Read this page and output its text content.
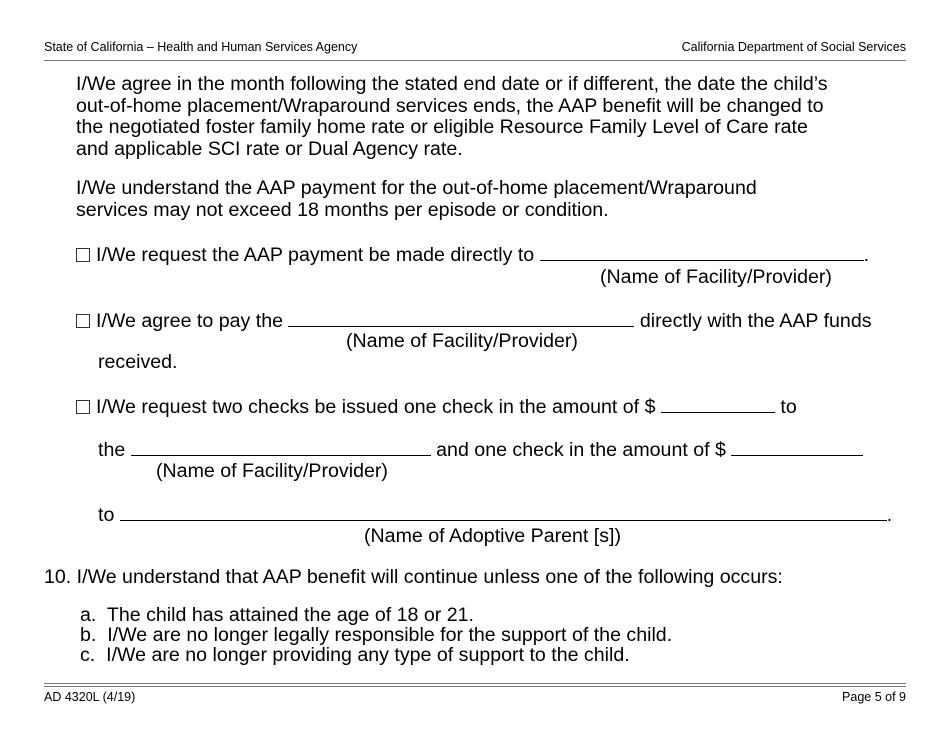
State of California – Health and Human Services Agency	California Department of Social Services
I/We agree in the month following the stated end date or if different, the date the child’s
out-of-home placement/Wraparound services ends, the AAP benefit will be changed to
the negotiated foster family home rate or eligible Resource Family Level of Care rate
and applicable SCI rate or Dual Agency rate.
I/We understand the AAP payment for the out-of-home placement/Wraparound
services may not exceed 18 months per episode or condition.
I/We request the AAP payment be made directly to	.
(Name of Facility/Provider)
I/We agree to pay the	directly with the AAP funds
(Name of Facility/Provider)
received.
I/We request two checks be issued one check in the amount of $	to
the	and one check in the amount of $
(Name of Facility/Provider)
to	.
(Name of Adoptive Parent [s])
10. I/We understand that AAP benefit will continue unless one of the following occurs:
a.  The child has attained the age of 18 or 21.
b.  I/We are no longer legally responsible for the support of the child.
c.  I/We are no longer providing any type of support to the child.
AD 4320L (4/19)	Page 5 of 9
